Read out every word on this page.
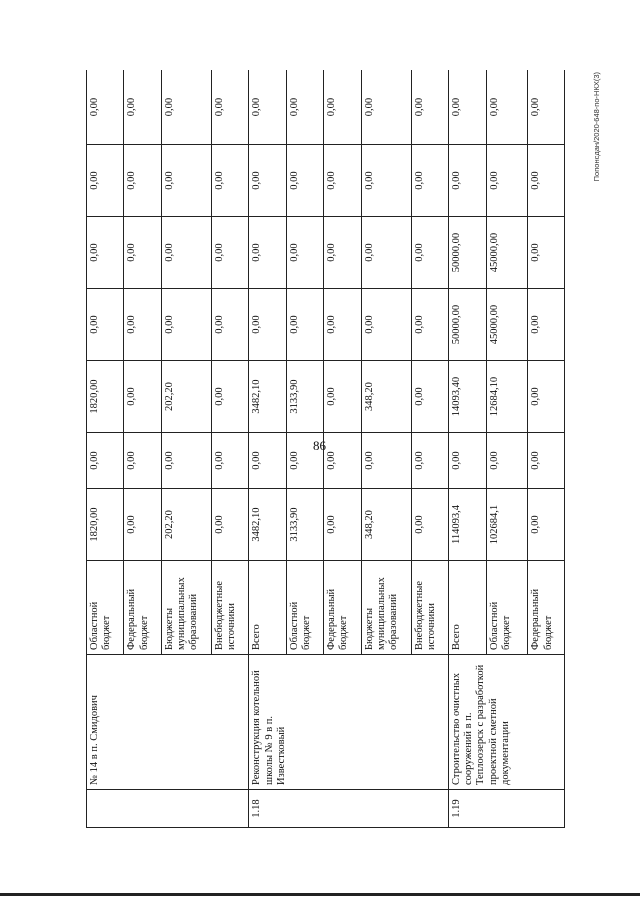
86
Попонсдан/2020-648-по-НКХ(3)
	№ 14 в п. Смидович	Областной бюджет	1820,00	0,00	1820,00	0,00	0,00	0,00	0,00
		Федеральный бюджет	0,00	0,00	0,00	0,00	0,00	0,00	0,00
		Бюджеты муниципальных образований	202,20	0,00	202,20	0,00	0,00	0,00	0,00
		Внебюджетные источники	0,00	0,00	0,00	0,00	0,00	0,00	0,00
1.18	Реконструкция котельной школы № 9 в п. Известковый	Всего	3482,10	0,00	3482,10	0,00	0,00	0,00	0,00
		Областной бюджет	3133,90	0,00	3133,90	0,00	0,00	0,00	0,00
		Федеральный бюджет	0,00	0,00	0,00	0,00	0,00	0,00	0,00
		Бюджеты муниципальных образований	348,20	0,00	348,20	0,00	0,00	0,00	0,00
		Внебюджетные источники	0,00	0,00	0,00	0,00	0,00	0,00	0,00
1.19	Строительство очистных сооружений в п. Теплоозерск с разработкой проектной сметной документации	Всего	114093,4	0,00	14093,40	50000,00	50000,00	0,00	0,00
		Областной бюджет	102684,1	0,00	12684,10	45000,00	45000,00	0,00	0,00
		Федеральный бюджет	0,00	0,00	0,00	0,00	0,00	0,00	0,00
